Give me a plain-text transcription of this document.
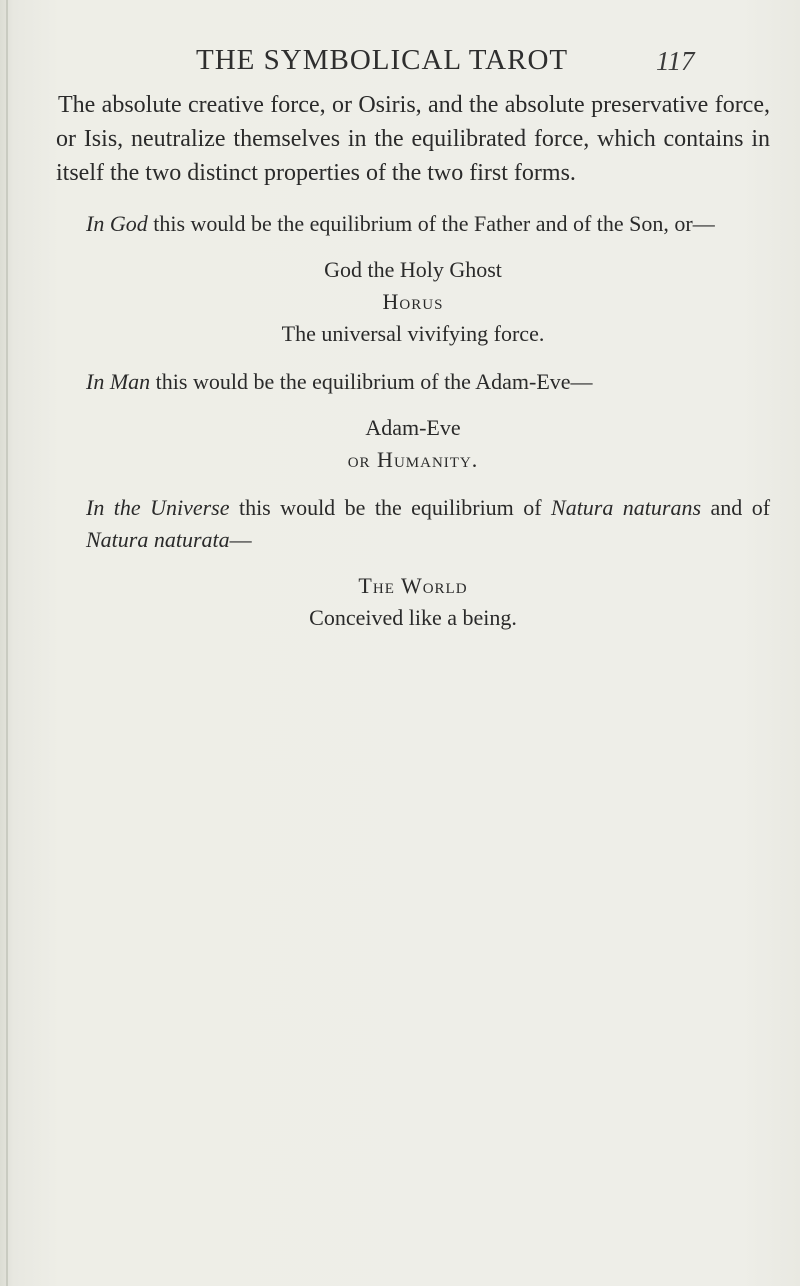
THE SYMBOLICAL TAROT	117

The absolute creative force, or Osiris, and the absolute preservative force, or Isis, neutralize themselves in the equilibrated force, which contains in itself the two distinct properties of the two first forms.

In God this would be the equilibrium of the Father and of the Son, or—

God the Holy Ghost

Horus

The universal vivifying force.

In Man this would be the equilibrium of the Adam-Eve—

Adam-Eve

or Humanity.

In the Universe this would be the equilibrium of Natura naturans and of Natura naturata—

The World

Conceived like a being.
